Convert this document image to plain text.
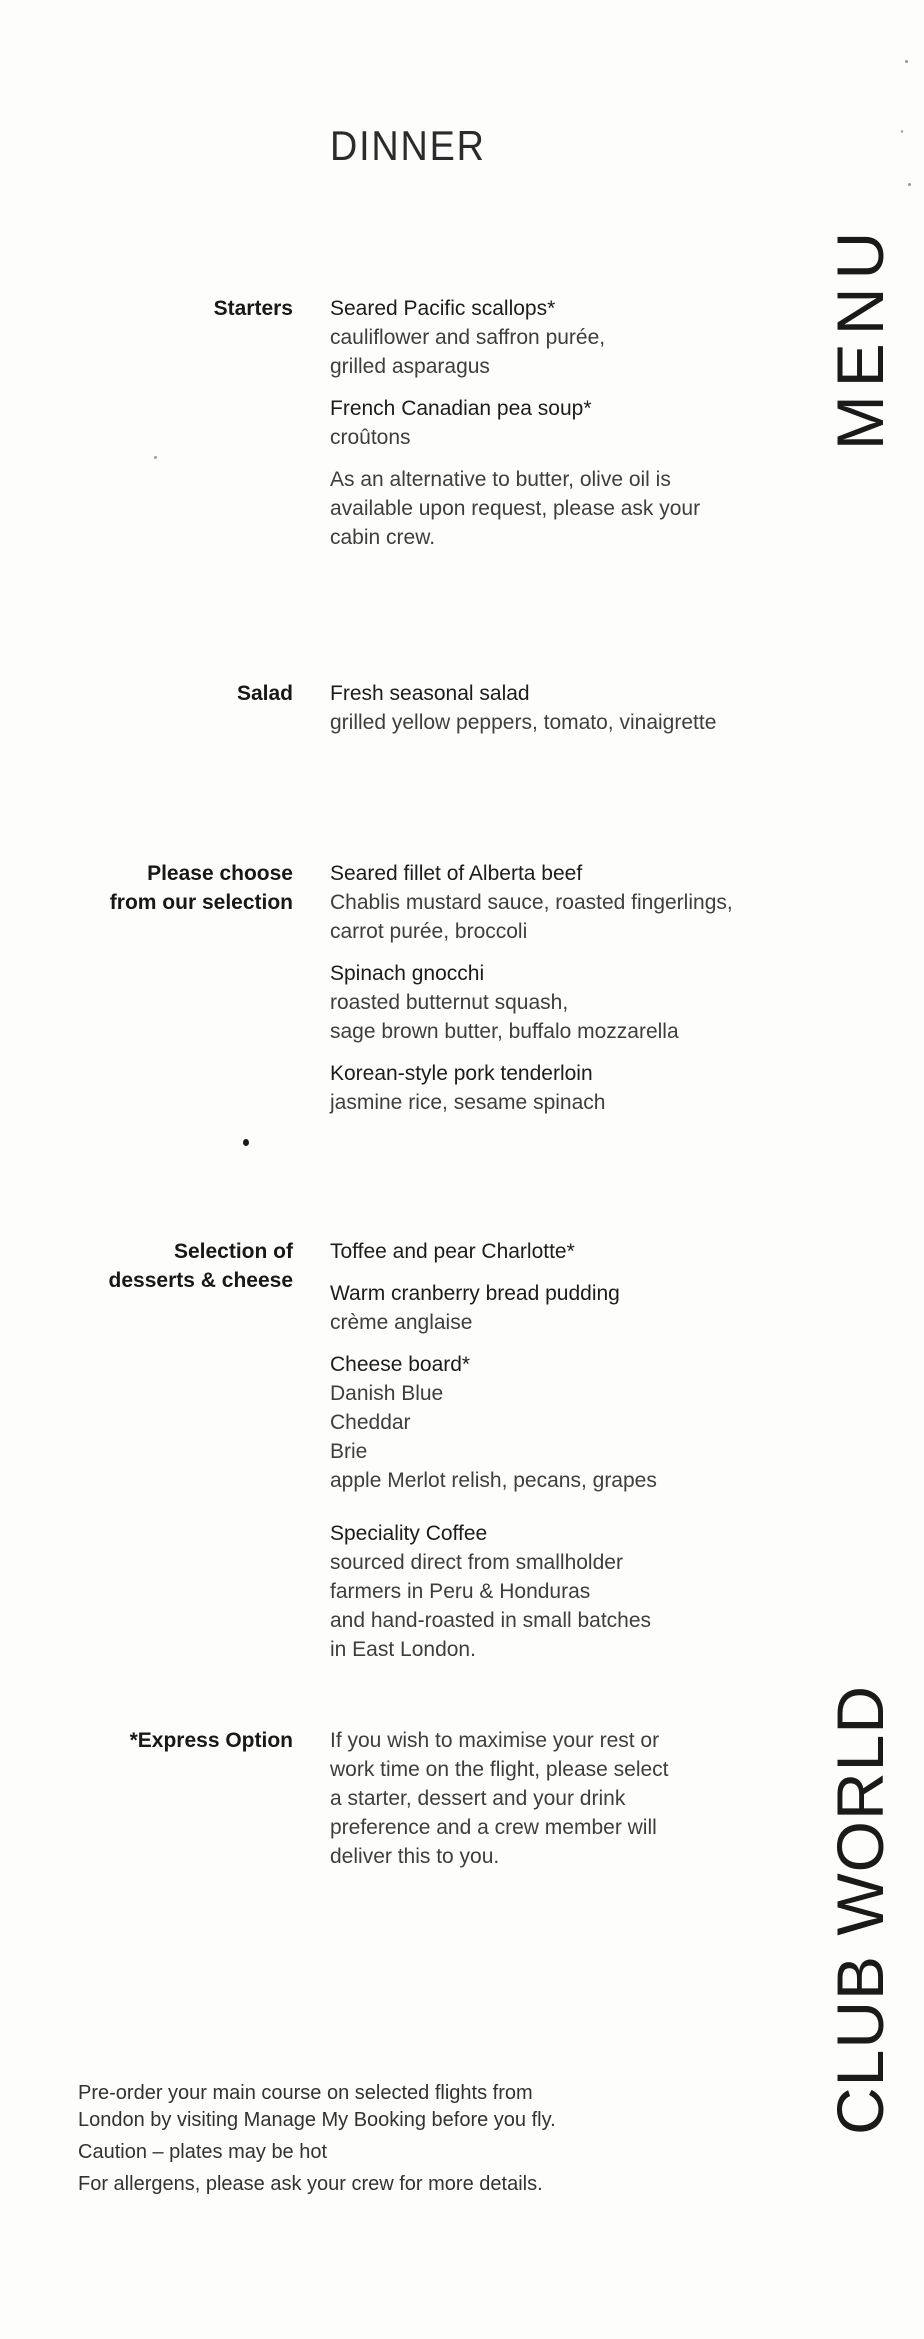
DINNER
MENU
CLUB WORLD
Starters Seared Pacific scallops*
cauliflower and saffron purée,
grilled asparagus
French Canadian pea soup*
croûtons
As an alternative to butter, olive oil is
available upon request, please ask your
cabin crew.
Salad Fresh seasonal salad
grilled yellow peppers, tomato, vinaigrette
Please choose
from our selection
Seared fillet of Alberta beef
Chablis mustard sauce, roasted fingerlings,
carrot purée, broccoli
Spinach gnocchi
roasted butternut squash,
sage brown butter, buffalo mozzarella
Korean-style pork tenderloin
jasmine rice, sesame spinach
Selection of
desserts & cheese
Toffee and pear Charlotte*
Warm cranberry bread pudding
crème anglaise
Cheese board*
Danish Blue
Cheddar
Brie
apple Merlot relish, pecans, grapes
Speciality Coffee
sourced direct from smallholder
farmers in Peru & Honduras
and hand-roasted in small batches
in East London.
*Express Option If you wish to maximise your rest or
work time on the flight, please select
a starter, dessert and your drink
preference and a crew member will
deliver this to you.
Pre-order your main course on selected flights from
London by visiting Manage My Booking before you fly.
Caution – plates may be hot
For allergens, please ask your crew for more details.
